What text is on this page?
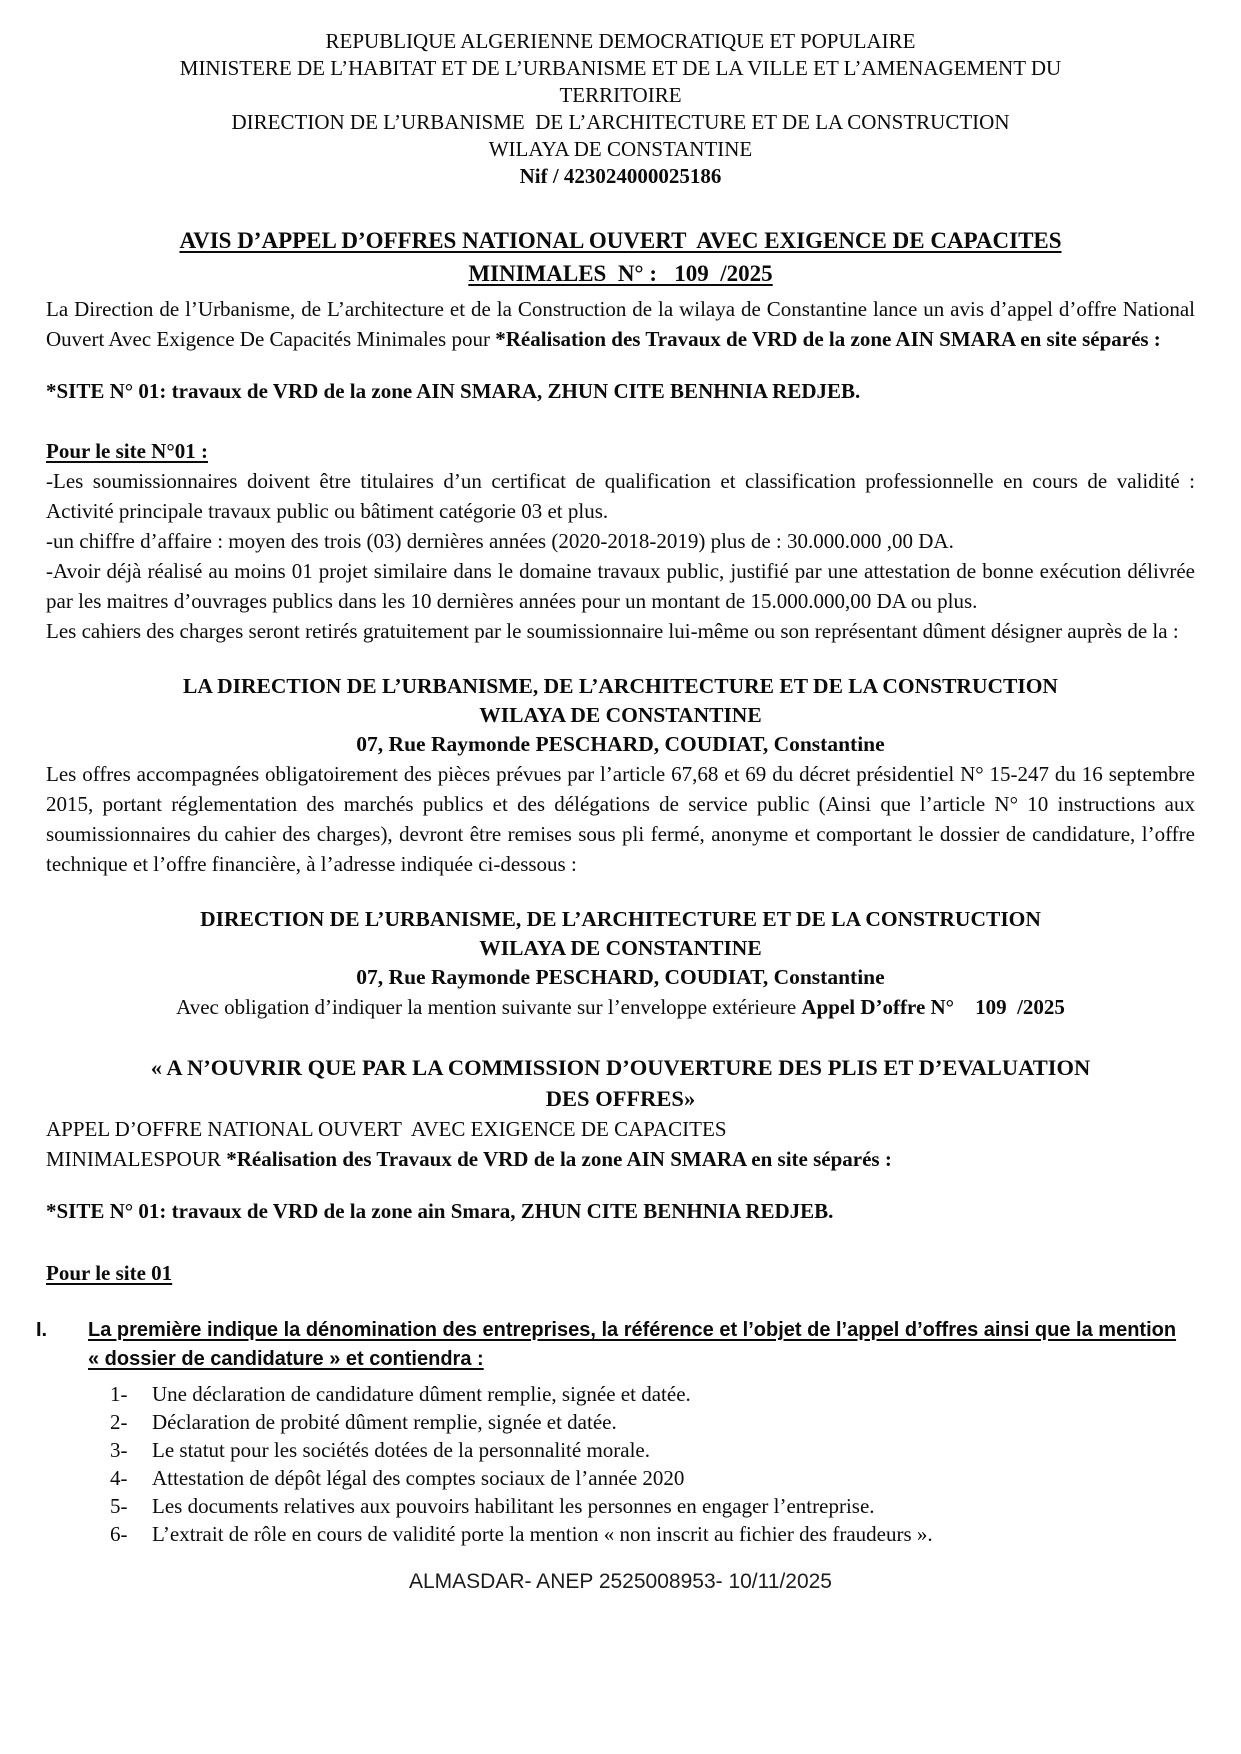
REPUBLIQUE ALGERIENNE DEMOCRATIQUE ET POPULAIRE
MINISTERE DE L’HABITAT ET DE L’URBANISME ET DE LA VILLE ET L’AMENAGEMENT DU
TERRITOIRE
DIRECTION DE L’URBANISME  DE L’ARCHITECTURE ET DE LA CONSTRUCTION
WILAYA DE CONSTANTINE
Nif / 423024000025186
AVIS D’APPEL D’OFFRES NATIONAL OUVERT  AVEC EXIGENCE DE CAPACITES
MINIMALES  N° :   109  /2025

La Direction de l’Urbanisme, de L’architecture et de la Construction de la wilaya de Constantine lance un avis d’appel d’offre National Ouvert Avec Exigence De Capacités Minimales pour *Réalisation des Travaux de VRD de la zone AIN SMARA en site séparés :

*SITE N° 01: travaux de VRD de la zone AIN SMARA, ZHUN CITE BENHNIA REDJEB.

Pour le site N°01 :

-Les soumissionnaires doivent être titulaires d’un certificat de qualification et classification professionnelle en cours de validité : Activité principale travaux public ou bâtiment catégorie 03 et plus.

-un chiffre d’affaire : moyen des trois (03) dernières années (2020-2018-2019) plus de : 30.000.000 ,00 DA.

-Avoir déjà réalisé au moins 01 projet similaire dans le domaine travaux public, justifié par une attestation de bonne exécution délivrée par les maitres d’ouvrages publics dans les 10 dernières années pour un montant de 15.000.000,00 DA ou plus.

Les cahiers des charges seront retirés gratuitement par le soumissionnaire lui-même ou son représentant dûment désigner auprès de la :

LA DIRECTION DE L’URBANISME, DE L’ARCHITECTURE ET DE LA CONSTRUCTION
WILAYA DE CONSTANTINE
07, Rue Raymonde PESCHARD, COUDIAT, Constantine

Les offres accompagnées obligatoirement des pièces prévues par l’article 67,68 et 69 du décret présidentiel N° 15-247 du 16 septembre 2015, portant réglementation des marchés publics et des délégations de service public (Ainsi que l’article N° 10 instructions aux soumissionnaires du cahier des charges), devront être remises sous pli fermé, anonyme et comportant le dossier de candidature, l’offre technique et l’offre financière, à l’adresse indiquée ci-dessous :

DIRECTION DE L’URBANISME, DE L’ARCHITECTURE ET DE LA CONSTRUCTION
WILAYA DE CONSTANTINE
07, Rue Raymonde PESCHARD, COUDIAT, Constantine

Avec obligation d’indiquer la mention suivante sur l’enveloppe extérieure Appel D’offre N°    109  /2025

« A N’OUVRIR QUE PAR LA COMMISSION D’OUVERTURE DES PLIS ET D’EVALUATION
DES OFFRES»

APPEL D’OFFRE NATIONAL OUVERT  AVEC EXIGENCE DE CAPACITES

MINIMALESPOUR *Réalisation des Travaux de VRD de la zone AIN SMARA en site séparés :

*SITE N° 01: travaux de VRD de la zone ain Smara, ZHUN CITE BENHNIA REDJEB.

Pour le site 01

I.	La première indique la dénomination des entreprises, la référence et l’objet de l’appel d’offres ainsi que la mention « dossier de candidature » et contiendra :
1-	Une déclaration de candidature dûment remplie, signée et datée.
2-	Déclaration de probité dûment remplie, signée et datée.
3-	Le statut pour les sociétés dotées de la personnalité morale.
4-	Attestation de dépôt légal des comptes sociaux de l’année 2020
5-	Les documents relatives aux pouvoirs habilitant les personnes en engager l’entreprise.
6-	L’extrait de rôle en cours de validité porte la mention « non inscrit au fichier des fraudeurs ».
ALMASDAR- ANEP 2525008953- 10/11/2025
